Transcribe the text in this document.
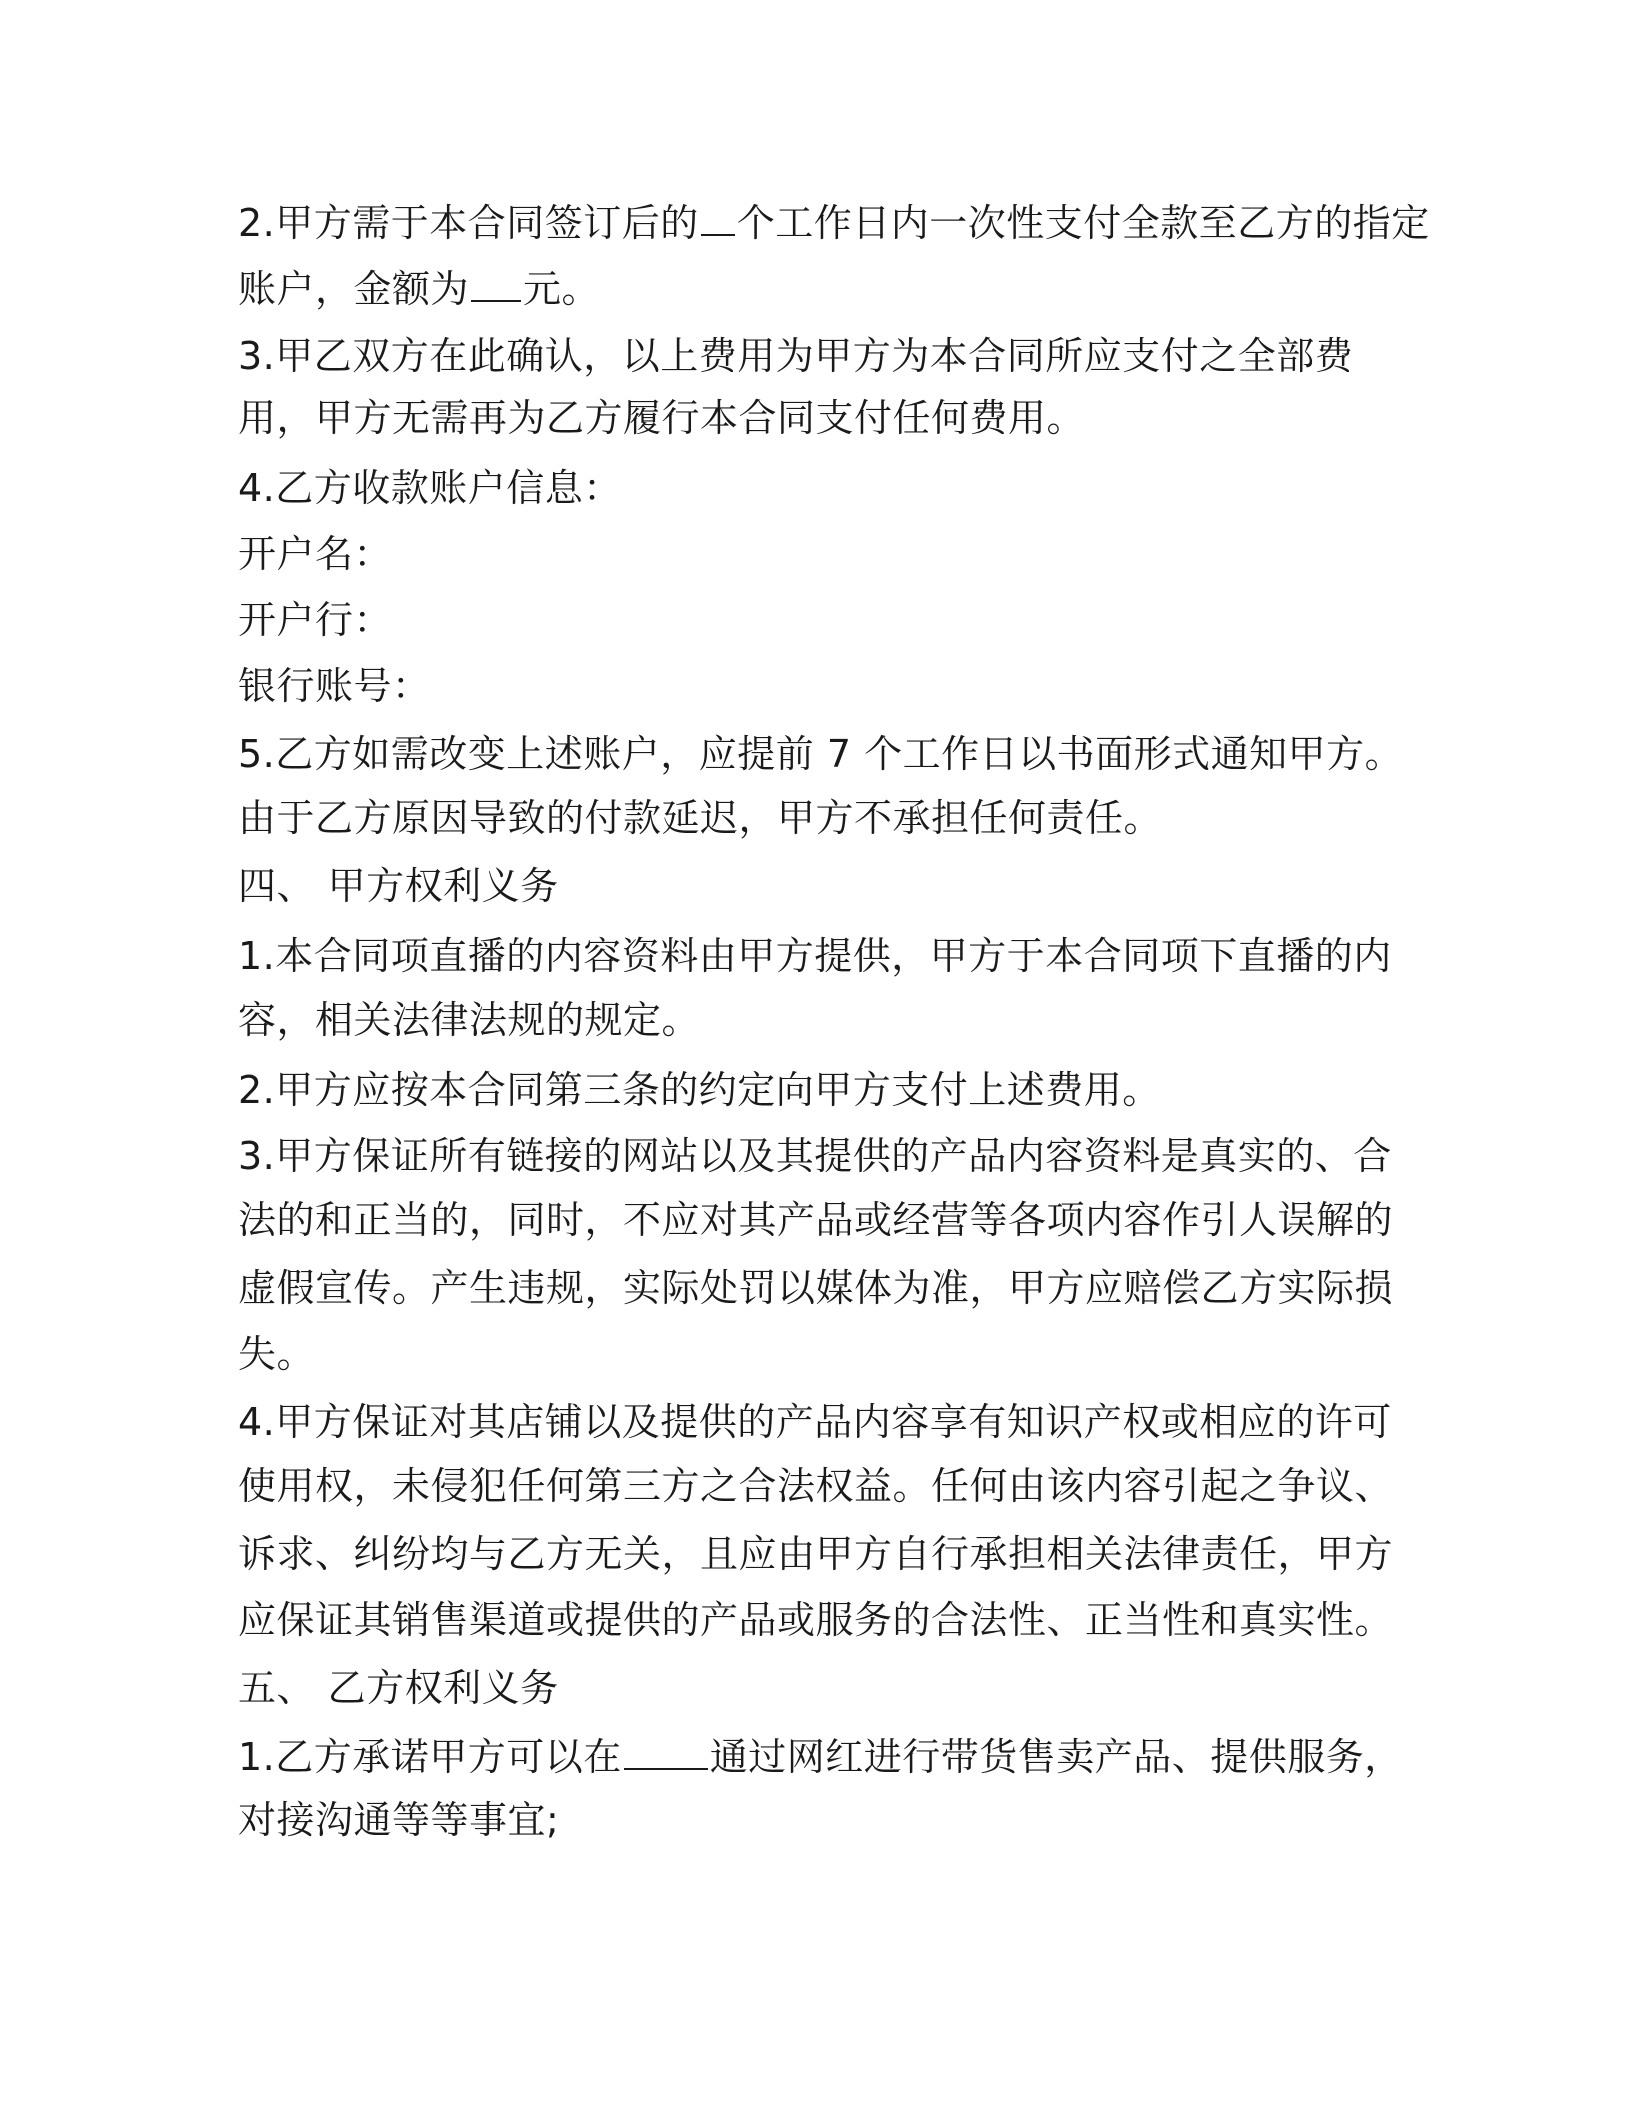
2.甲方需于本合同签订后的 个工作日内一次性支付全款至乙方的指定
账户，金额为 元。
3.甲乙双方在此确认，以上费用为甲方为本合同所应支付之全部费
用，甲方无需再为乙方履行本合同支付任何费用。
4.乙方收款账户信息：
开户名：
开户行：
银行账号：
5.乙方如需改变上述账户，应提前 7 个工作日以书面形式通知甲方。
由于乙方原因导致的付款延迟，甲方不承担任何责任。
四、 甲方权利义务
1.本合同项直播的内容资料由甲方提供，甲方于本合同项下直播的内
容，相关法律法规的规定。
2.甲方应按本合同第三条的约定向甲方支付上述费用。
3.甲方保证所有链接的网站以及其提供的产品内容资料是真实的、合
法的和正当的，同时，不应对其产品或经营等各项内容作引人误解的
虚假宣传。产生违规，实际处罚以媒体为准，甲方应赔偿乙方实际损
失。
4.甲方保证对其店铺以及提供的产品内容享有知识产权或相应的许可
使用权，未侵犯任何第三方之合法权益。任何由该内容引起之争议、
诉求、纠纷均与乙方无关，且应由甲方自行承担相关法律责任，甲方
应保证其销售渠道或提供的产品或服务的合法性、正当性和真实性。
五、 乙方权利义务
1.乙方承诺甲方可以在 通过网红进行带货售卖产品、提供服务，
对接沟通等等事宜;
